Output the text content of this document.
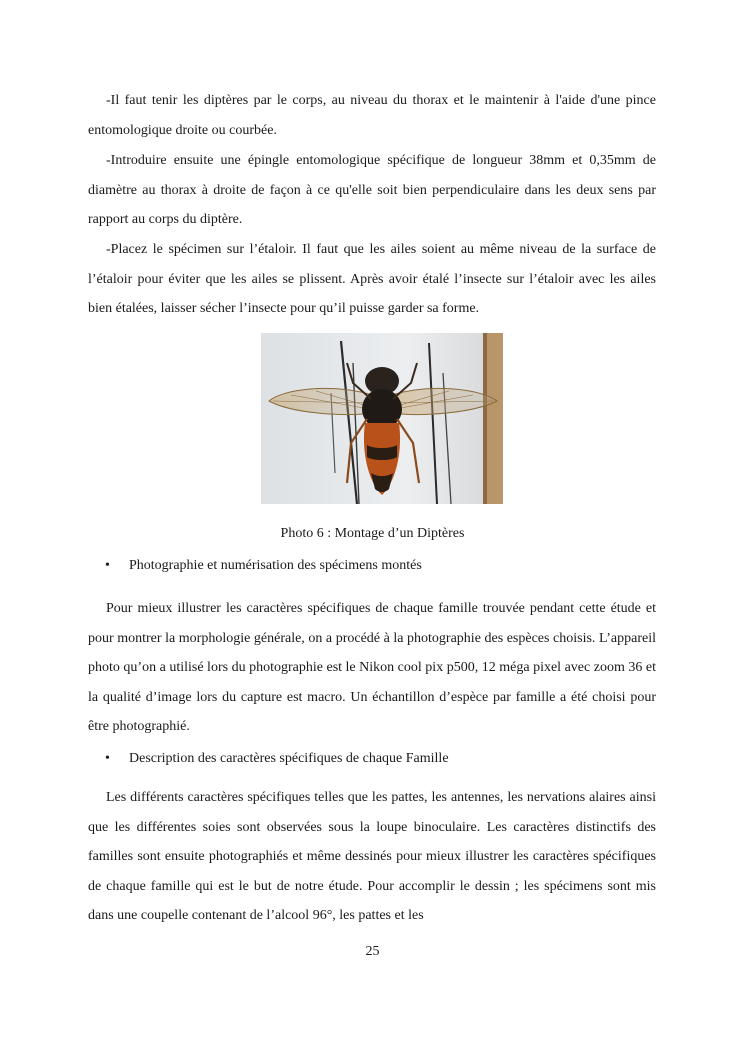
-Il faut tenir les diptères par le corps, au niveau du thorax et le maintenir à l'aide d'une pince entomologique droite ou courbée.

-Introduire ensuite une épingle entomologique spécifique de longueur 38mm et 0,35mm de diamètre au thorax à droite de façon à ce qu'elle soit bien perpendiculaire dans les deux sens par rapport au corps du diptère.

-Placez le spécimen sur l’étaloir. Il faut que les ailes soient au même niveau de la surface de l’étaloir pour éviter que les ailes se plissent. Après avoir étalé l’insecte sur l’étaloir avec les ailes bien étalées, laisser sécher l’insecte pour qu’il puisse garder sa forme.

Photo 6 : Montage d’un Diptères
• Photographie et numérisation des spécimens montés

Pour mieux illustrer les caractères spécifiques de chaque famille trouvée pendant cette étude et pour montrer la morphologie générale, on a procédé à la photographie des espèces choisis. L’appareil photo qu’on a utilisé lors du photographie est le Nikon cool pix p500, 12 méga pixel avec zoom 36 et la qualité d’image lors du capture est macro. Un échantillon d’espèce par famille a été choisi pour être photographié.

• Description des caractères spécifiques de chaque Famille

Les différents caractères spécifiques telles que les pattes, les antennes, les nervations alaires ainsi que les différentes soies sont observées sous la loupe binoculaire. Les caractères distinctifs des familles sont ensuite photographiés et même dessinés pour mieux illustrer les caractères spécifiques de chaque famille qui est le but de notre étude. Pour accomplir le dessin ; les spécimens sont mis dans une coupelle contenant de l’alcool 96°, les pattes et les

25
